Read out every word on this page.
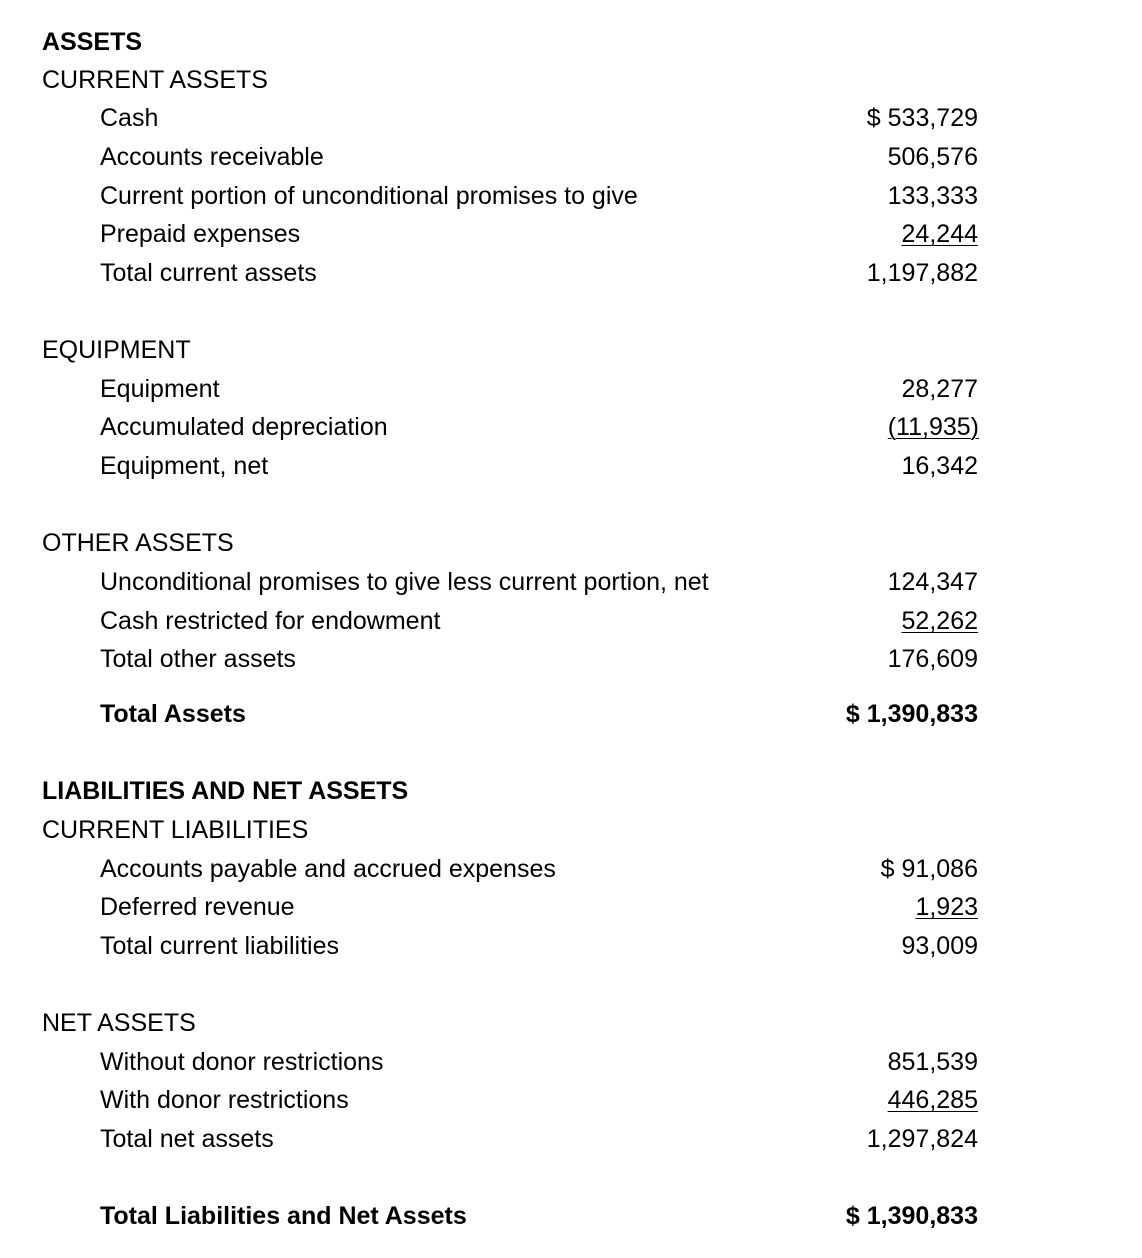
ASSETS
CURRENT ASSETS
Cash	$ 533,729
Accounts receivable	506,576
Current portion of unconditional promises to give	133,333
Prepaid expenses	24,244
Total current assets	1,197,882
EQUIPMENT
Equipment	28,277
Accumulated depreciation	(11,935)
Equipment, net	16,342
OTHER ASSETS
Unconditional promises to give less current portion, net	124,347
Cash restricted for endowment	52,262
Total other assets	176,609
Total Assets	$ 1,390,833
LIABILITIES AND NET ASSETS
CURRENT LIABILITIES
Accounts payable and accrued expenses	$ 91,086
Deferred revenue	1,923
Total current liabilities	93,009
NET ASSETS
Without donor restrictions	851,539
With donor restrictions	446,285
Total net assets	1,297,824
Total Liabilities and Net Assets	$ 1,390,833
